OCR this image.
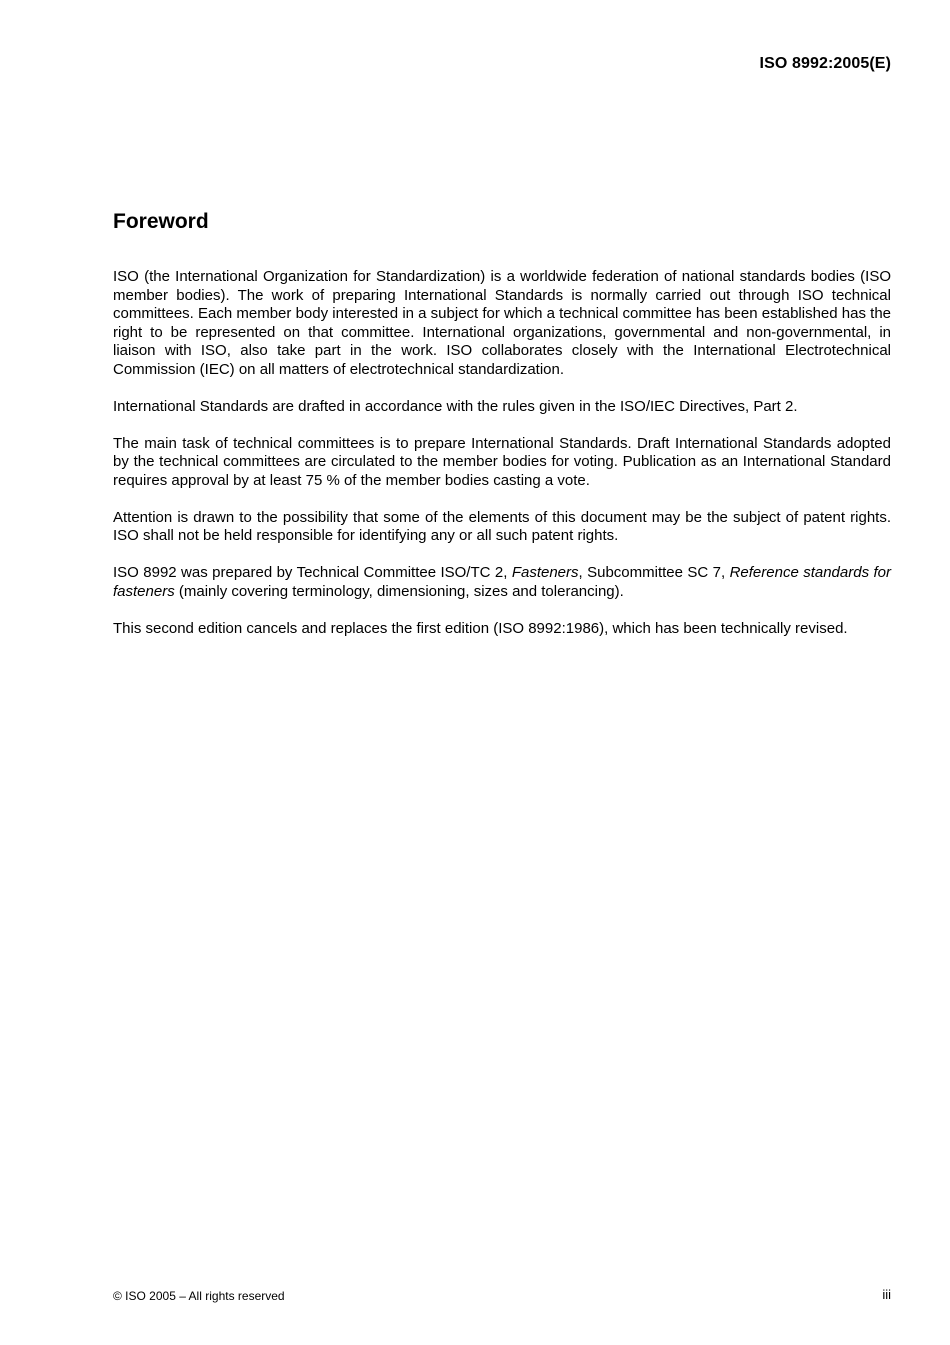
ISO 8992:2005(E)
Foreword

ISO (the International Organization for Standardization) is a worldwide federation of national standards bodies (ISO member bodies). The work of preparing International Standards is normally carried out through ISO technical committees. Each member body interested in a subject for which a technical committee has been established has the right to be represented on that committee. International organizations, governmental and non-governmental, in liaison with ISO, also take part in the work. ISO collaborates closely with the International Electrotechnical Commission (IEC) on all matters of electrotechnical standardization.

International Standards are drafted in accordance with the rules given in the ISO/IEC Directives, Part 2.

The main task of technical committees is to prepare International Standards. Draft International Standards adopted by the technical committees are circulated to the member bodies for voting. Publication as an International Standard requires approval by at least 75 % of the member bodies casting a vote.

Attention is drawn to the possibility that some of the elements of this document may be the subject of patent rights. ISO shall not be held responsible for identifying any or all such patent rights.

ISO 8992 was prepared by Technical Committee ISO/TC 2, Fasteners, Subcommittee SC 7, Reference standards for fasteners (mainly covering terminology, dimensioning, sizes and tolerancing).

This second edition cancels and replaces the first edition (ISO 8992:1986), which has been technically revised.

© ISO 2005 – All rights reserved	iii
